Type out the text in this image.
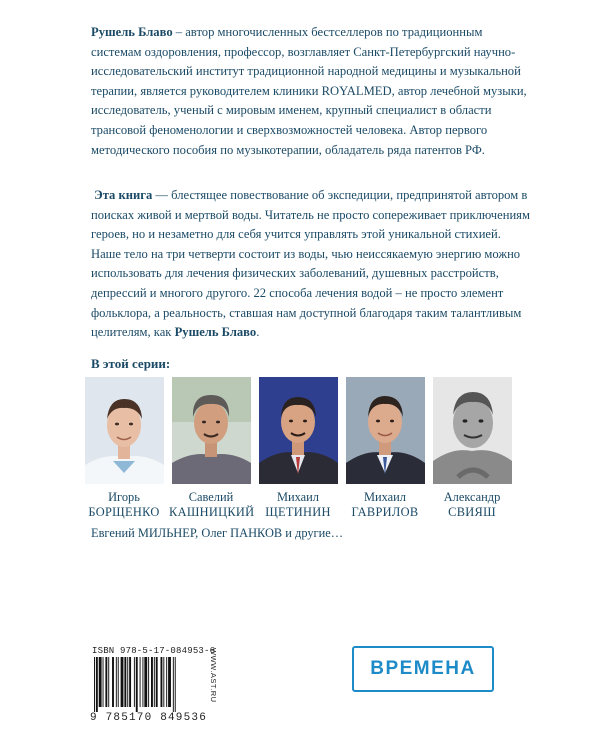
Рушель Блаво – автор многочисленных бестселлеров по традиционным системам оздоровления, профессор, возглавляет Санкт-Петербургский научно-исследовательский институт традиционной народной медицины и музыкальной терапии, является руководителем клиники ROYALMED, автор лечебной музыки, исследователь, ученый с мировым именем, крупный специалист в области трансовой феноменологии и сверхвозможностей человека. Автор первого методического пособия по музыкотерапии, обладатель ряда патентов РФ.

Эта книга — блестящее повествование об экспедиции, предпринятой автором в поисках живой и мертвой воды. Читатель не просто сопереживает приключениям героев, но и незаметно для себя учится управлять этой уникальной стихией. Наше тело на три четверти состоит из воды, чью неиссякаемую энергию можно использовать для лечения физических заболеваний, душевных расстройств, депрессий и многого другого. 22 способа лечения водой – не просто элемент фольклора, а реальность, ставшая нам доступной благодаря таким талантливым целителям, как Рушель Блаво.

В этой серии:
Игорь
БОРЩЕНКО
Савелий
КАШНИЦКИЙ
Михаил
ЩЕТИНИН
Михаил
ГАВРИЛОВ
Александр
СВИЯШ
Евгений МИЛЬНЕР, Олег ПАНКОВ и другие…
ISBN 978-5-17-084953-6
9 785170 849536
WWW.AST.RU	ВРЕМЕНА
